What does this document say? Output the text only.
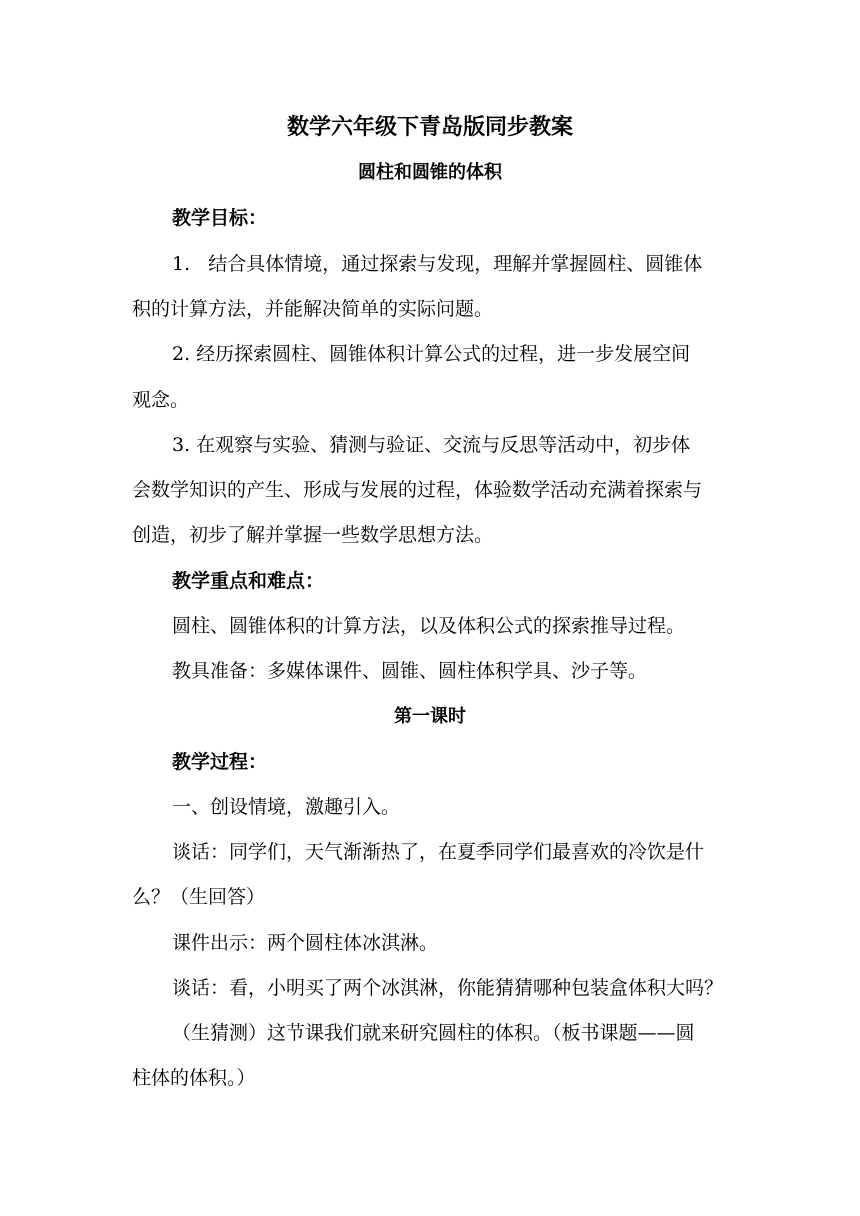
数学六年级下青岛版同步教案
圆柱和圆锥的体积
教学目标：
1.   结合具体情境，通过探索与发现，理解并掌握圆柱、圆锥体
积的计算方法，并能解决简单的实际问题。
2. 经历探索圆柱、圆锥体积计算公式的过程，进一步发展空间
观念。
3. 在观察与实验、猜测与验证、交流与反思等活动中，初步体
会数学知识的产生、形成与发展的过程，体验数学活动充满着探索与
创造，初步了解并掌握一些数学思想方法。
教学重点和难点：
圆柱、圆锥体积的计算方法，以及体积公式的探索推导过程。
教具准备：多媒体课件、圆锥、圆柱体积学具、沙子等。
第一课时
教学过程：
一、创设情境，激趣引入。
谈话：同学们，天气渐渐热了，在夏季同学们最喜欢的冷饮是什
么？（生回答）
课件出示：两个圆柱体冰淇淋。
谈话：看，小明买了两个冰淇淋，你能猜猜哪种包装盒体积大吗？
（生猜测）这节课我们就来研究圆柱的体积。（板书课题——圆
柱体的体积。）
